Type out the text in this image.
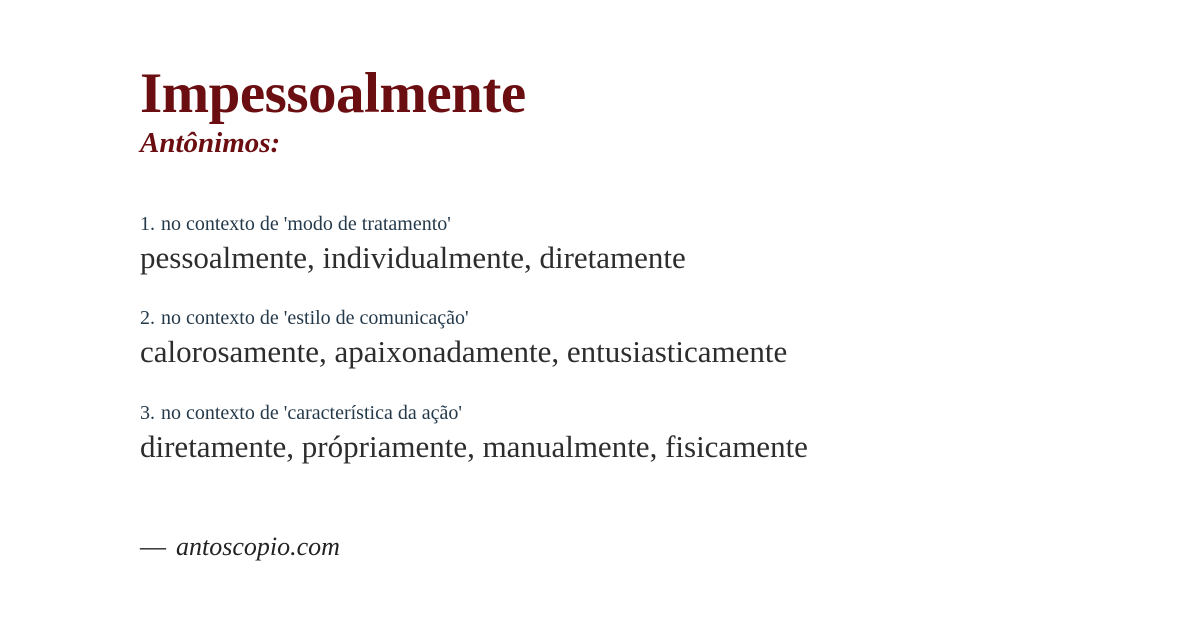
Impessoalmente
Antônimos:

1. no contexto de 'modo de tratamento'

pessoalmente, individualmente, diretamente

2. no contexto de 'estilo de comunicação'

calorosamente, apaixonadamente, entusiasticamente

3. no contexto de 'característica da ação'

diretamente, própriamente, manualmente, fisicamente

— antoscopio.com
